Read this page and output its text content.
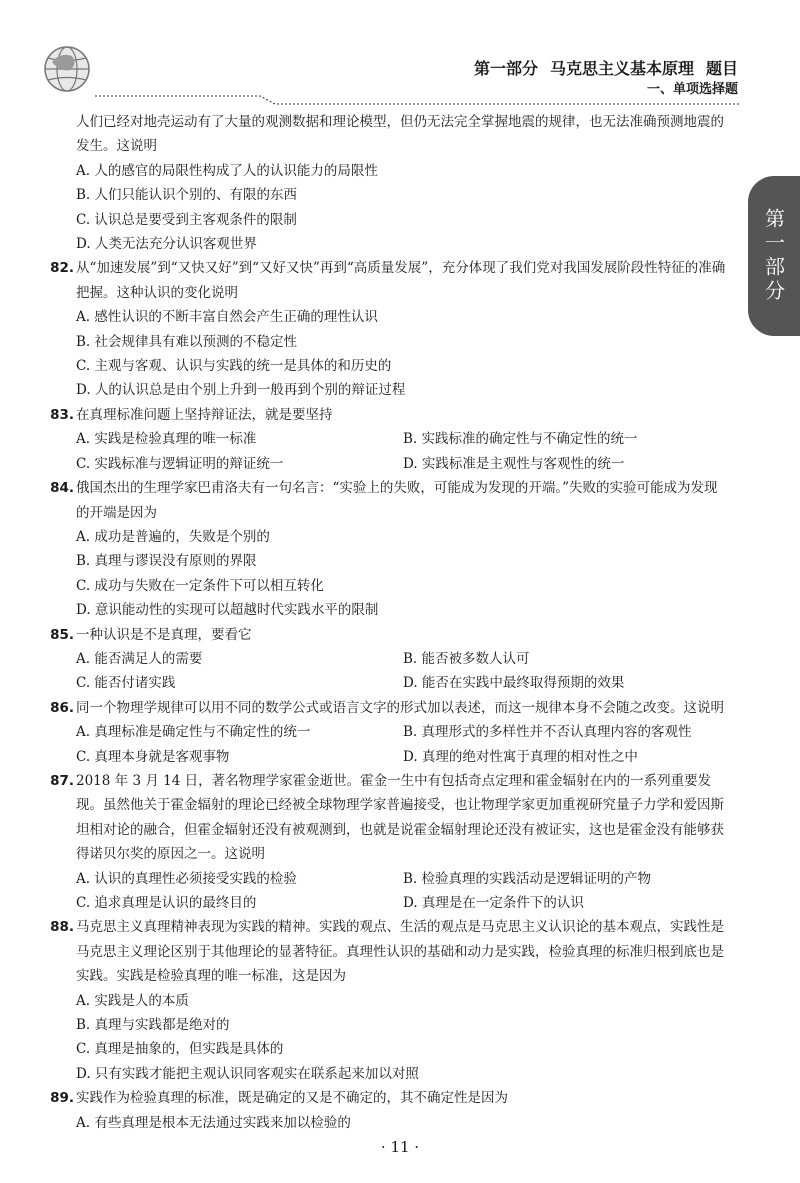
第一部分 马克思主义基本原理 题目
一、单项选择题
第一部分

人们已经对地壳运动有了大量的观测数据和理论模型，但仍无法完全掌握地震的规律，也无法准确预测地震的发生。这说明

A. 人的感官的局限性构成了人的认识能力的局限性

B. 人们只能认识个别的、有限的东西

C. 认识总是要受到主客观条件的限制

D. 人类无法充分认识客观世界

82. 从“加速发展”到“又快又好”到“又好又快”再到“高质量发展”，充分体现了我们党对我国发展阶段性特征的准确把握。这种认识的变化说明

A. 感性认识的不断丰富自然会产生正确的理性认识

B. 社会规律具有难以预测的不稳定性

C. 主观与客观、认识与实践的统一是具体的和历史的

D. 人的认识总是由个别上升到一般再到个别的辩证过程

83. 在真理标准问题上坚持辩证法，就是要坚持

A. 实践是检验真理的唯一标准	B. 实践标准的确定性与不确定性的统一
C. 实践标准与逻辑证明的辩证统一	D. 实践标准是主观性与客观性的统一
84. 俄国杰出的生理学家巴甫洛夫有一句名言：“实验上的失败，可能成为发现的开端。”失败的实验可能成为发现的开端是因为

A. 成功是普遍的，失败是个别的

B. 真理与谬误没有原则的界限

C. 成功与失败在一定条件下可以相互转化

D. 意识能动性的实现可以超越时代实践水平的限制

85. 一种认识是不是真理，要看它

A. 能否满足人的需要	B. 能否被多数人认可
C. 能否付诸实践	D. 能否在实践中最终取得预期的效果
86. 同一个物理学规律可以用不同的数学公式或语言文字的形式加以表述，而这一规律本身不会随之改变。这说明

A. 真理标准是确定性与不确定性的统一	B. 真理形式的多样性并不否认真理内容的客观性
C. 真理本身就是客观事物	D. 真理的绝对性寓于真理的相对性之中
87. 2018 年 3 月 14 日，著名物理学家霍金逝世。霍金一生中有包括奇点定理和霍金辐射在内的一系列重要发现。虽然他关于霍金辐射的理论已经被全球物理学家普遍接受，也让物理学家更加重视研究量子力学和爱因斯坦相对论的融合，但霍金辐射还没有被观测到，也就是说霍金辐射理论还没有被证实，这也是霍金没有能够获得诺贝尔奖的原因之一。这说明

A. 认识的真理性必须接受实践的检验	B. 检验真理的实践活动是逻辑证明的产物
C. 追求真理是认识的最终目的	D. 真理是在一定条件下的认识
88. 马克思主义真理精神表现为实践的精神。实践的观点、生活的观点是马克思主义认识论的基本观点，实践性是马克思主义理论区别于其他理论的显著特征。真理性认识的基础和动力是实践，检验真理的标准归根到底也是实践。实践是检验真理的唯一标准，这是因为

A. 实践是人的本质

B. 真理与实践都是绝对的

C. 真理是抽象的，但实践是具体的

D. 只有实践才能把主观认识同客观实在联系起来加以对照

89. 实践作为检验真理的标准，既是确定的又是不确定的，其不确定性是因为

A. 有些真理是根本无法通过实践来加以检验的

· 11 ·
